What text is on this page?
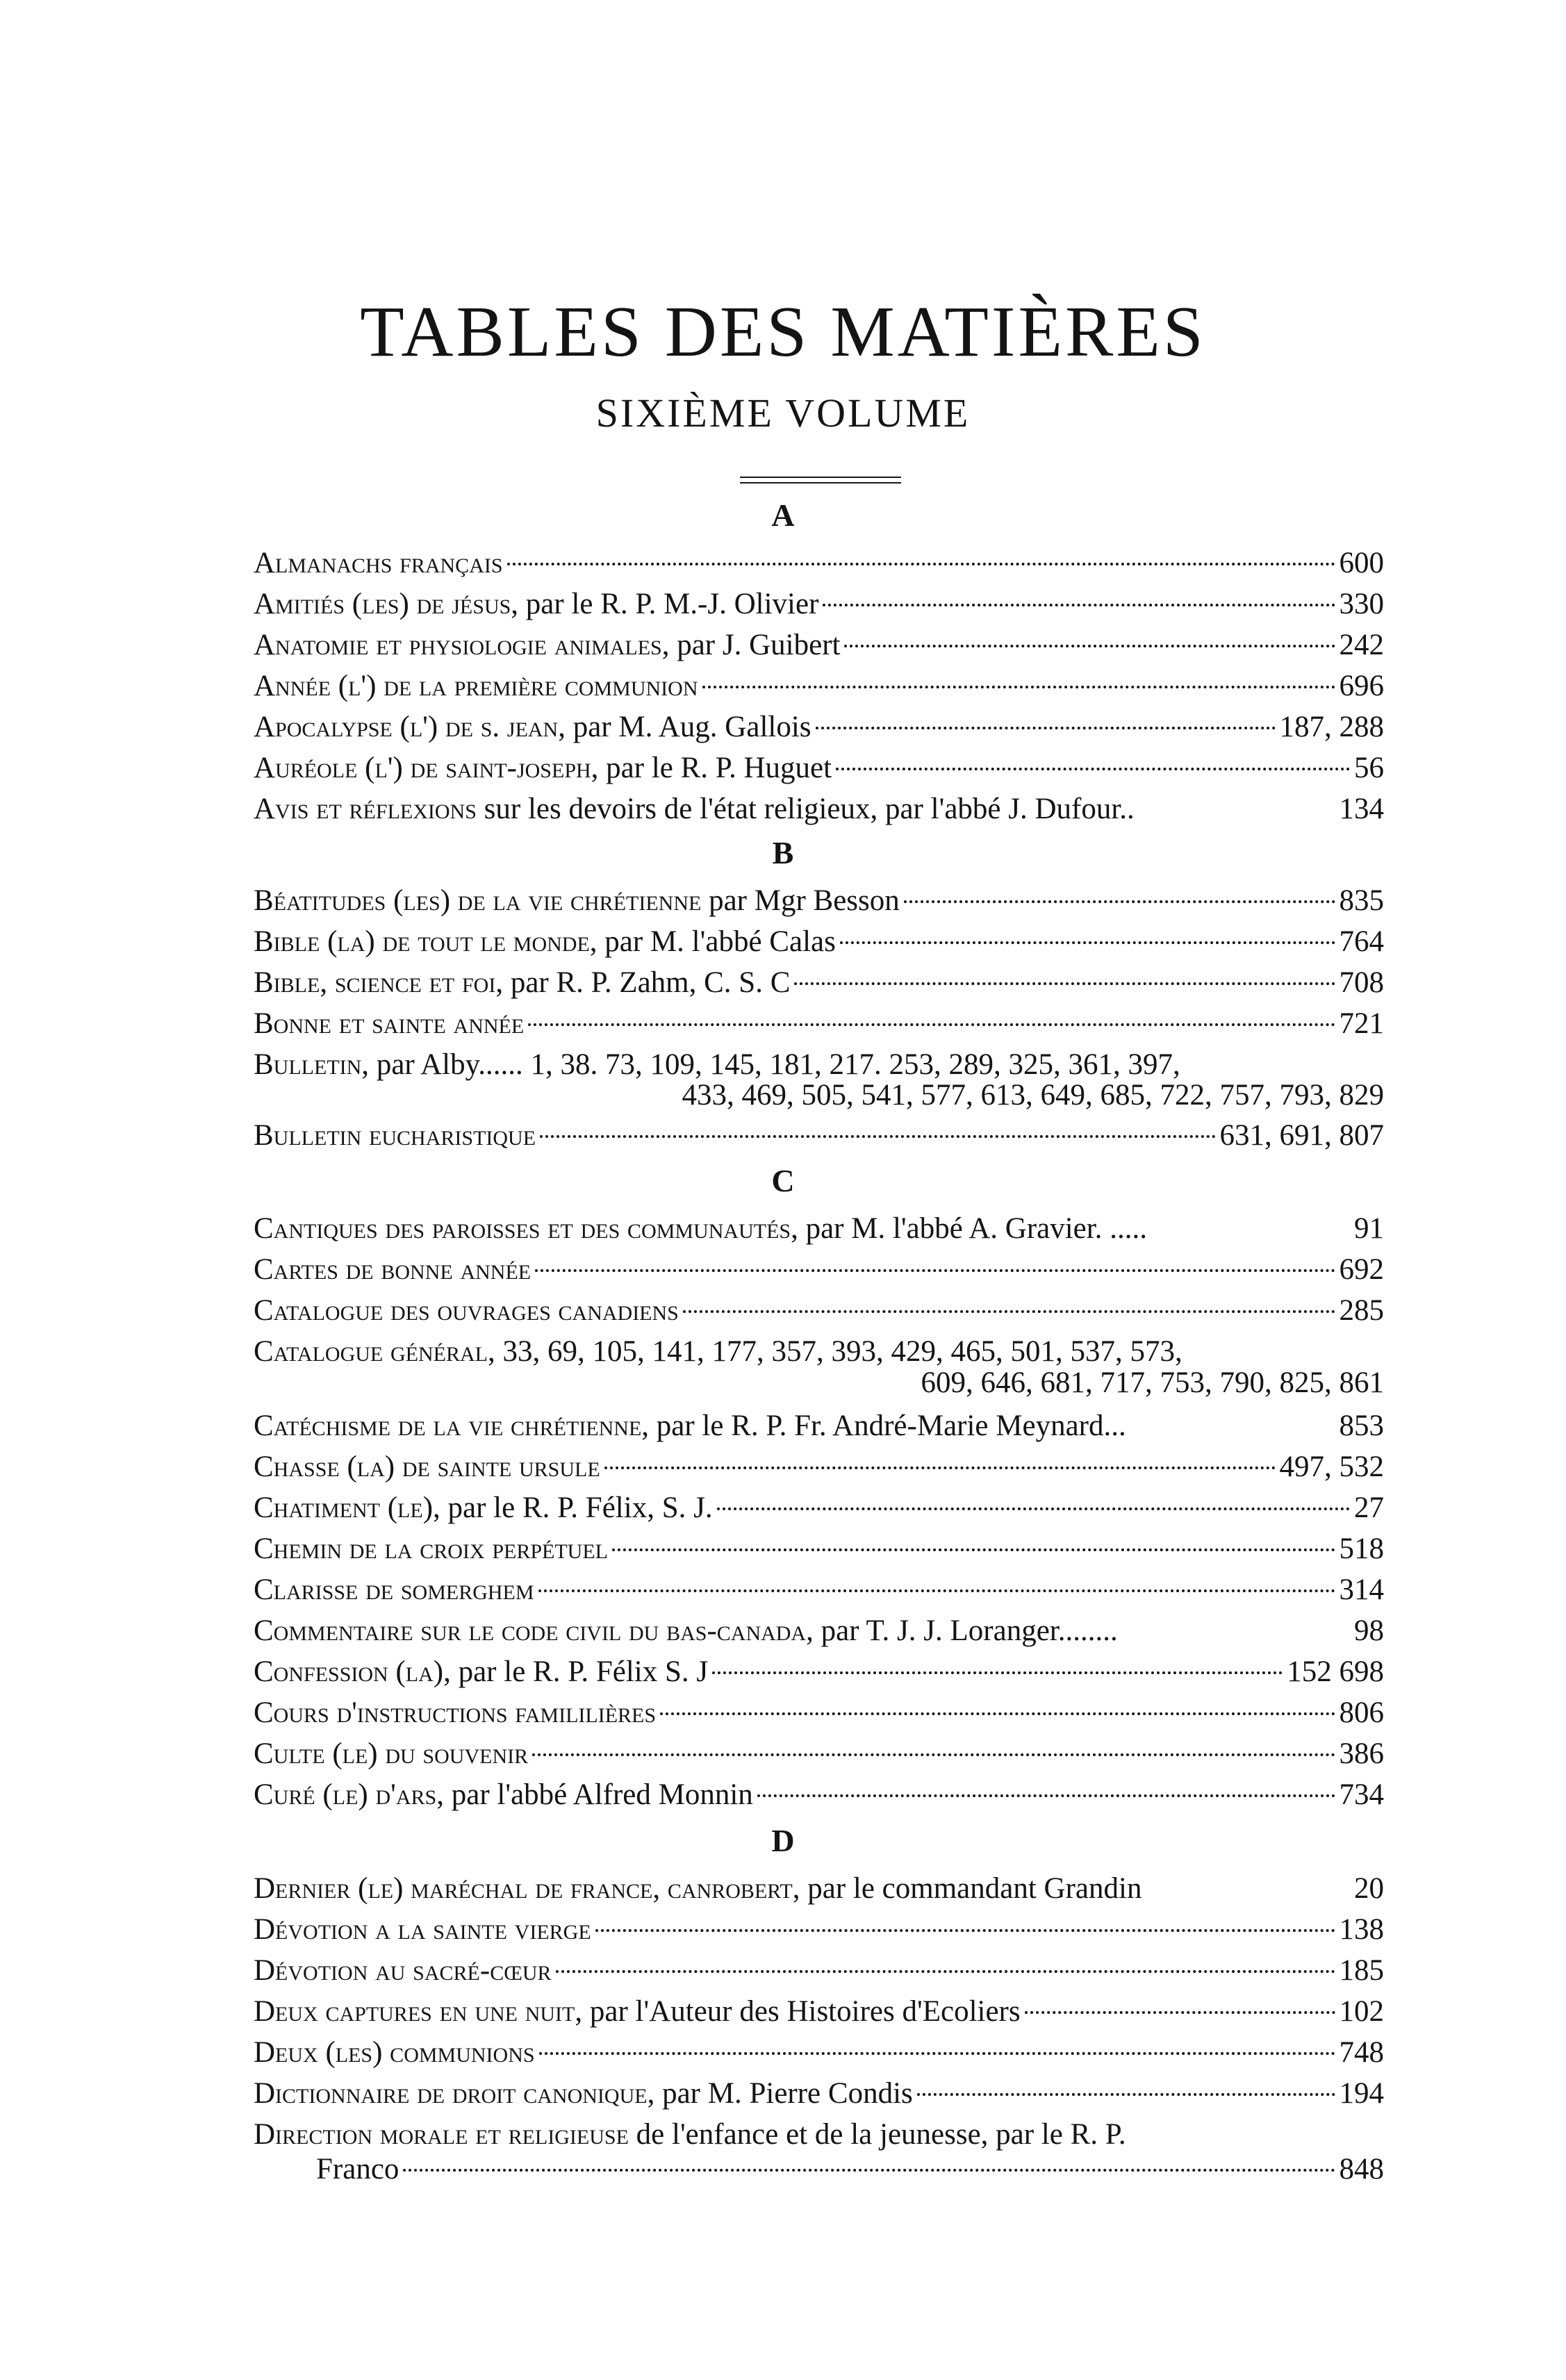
TABLES DES MATIÈRES
SIXIÈME VOLUME
A
Almanachs français	600
Amitiés (les) de jésus, par le R. P. M.-J. Olivier	330
Anatomie et physiologie animales, par J. Guibert	242
Année (l') de la première communion	696
Apocalypse (l') de s. jean, par M. Aug. Gallois	187, 288
Auréole (l') de saint-joseph, par le R. P. Huguet	56
Avis et réflexions sur les devoirs de l'état religieux, par l'abbé J. Dufour..	134
B
Béatitudes (les) de la vie chrétienne par Mgr Besson	835
Bible (la) de tout le monde, par M. l'abbé Calas	764
Bible, science et foi, par R. P. Zahm, C. S. C	708
Bonne et sainte année	721
Bulletin, par Alby...... 1, 38. 73, 109, 145, 181, 217. 253, 289, 325, 361, 397,
433, 469, 505, 541, 577, 613, 649, 685, 722, 757, 793, 829
Bulletin eucharistique	631, 691, 807
C
Cantiques des paroisses et des communautés, par M. l'abbé A. Gravier. .....	91
Cartes de bonne année	692
Catalogue des ouvrages canadiens	285
Catalogue général, 33, 69, 105, 141, 177, 357, 393, 429, 465, 501, 537, 573,
609, 646, 681, 717, 753, 790, 825, 861
Catéchisme de la vie chrétienne, par le R. P. Fr. André-Marie Meynard...	853
Chasse (la) de sainte ursule	497, 532
Chatiment (le), par le R. P. Félix, S. J.	27
Chemin de la croix perpétuel	518
Clarisse de somerghem	314
Commentaire sur le code civil du bas-canada, par T. J. J. Loranger........	98
Confession (la), par le R. P. Félix S. J	152 698
Cours d'instructions famililières	806
Culte (le) du souvenir	386
Curé (le) d'ars, par l'abbé Alfred Monnin	734
D
Dernier (le) maréchal de france, canrobert, par le commandant Grandin	20
Dévotion a la sainte vierge	138
Dévotion au sacré-cœur	185
Deux captures en une nuit, par l'Auteur des Histoires d'Ecoliers	102
Deux (les) communions	748
Dictionnaire de droit canonique, par M. Pierre Condis	194
Direction morale et religieuse de l'enfance et de la jeunesse, par le R. P.
Franco	848
